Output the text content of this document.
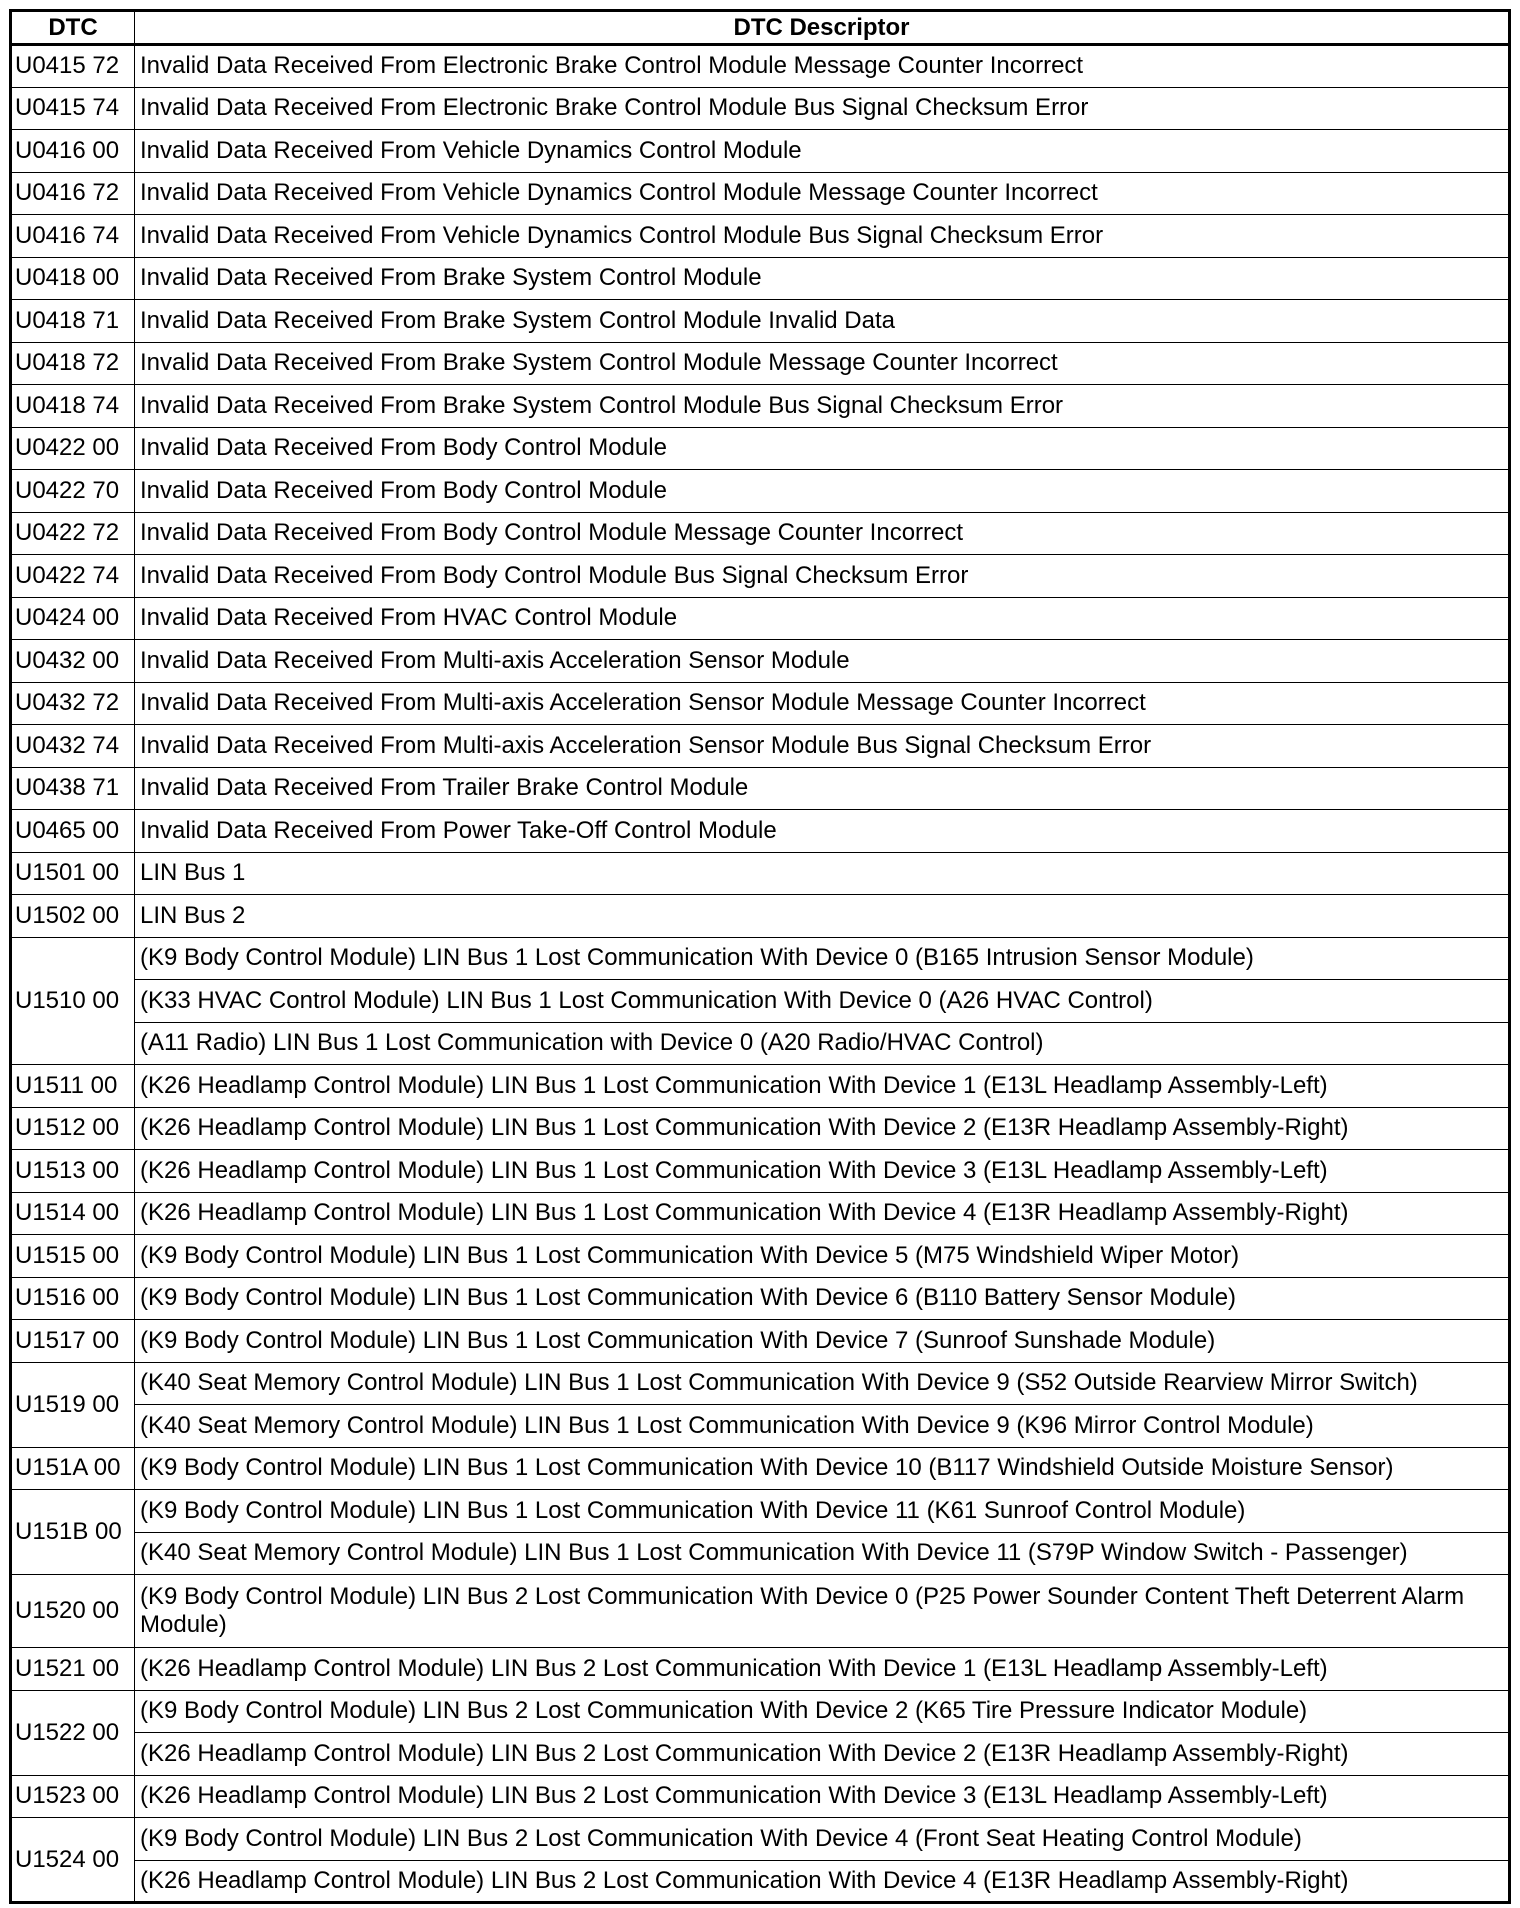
DTC	DTC Descriptor
U0415 72	Invalid Data Received From Electronic Brake Control Module Message Counter Incorrect
U0415 74	Invalid Data Received From Electronic Brake Control Module Bus Signal Checksum Error
U0416 00	Invalid Data Received From Vehicle Dynamics Control Module
U0416 72	Invalid Data Received From Vehicle Dynamics Control Module Message Counter Incorrect
U0416 74	Invalid Data Received From Vehicle Dynamics Control Module Bus Signal Checksum Error
U0418 00	Invalid Data Received From Brake System Control Module
U0418 71	Invalid Data Received From Brake System Control Module Invalid Data
U0418 72	Invalid Data Received From Brake System Control Module Message Counter Incorrect
U0418 74	Invalid Data Received From Brake System Control Module Bus Signal Checksum Error
U0422 00	Invalid Data Received From Body Control Module
U0422 70	Invalid Data Received From Body Control Module
U0422 72	Invalid Data Received From Body Control Module Message Counter Incorrect
U0422 74	Invalid Data Received From Body Control Module Bus Signal Checksum Error
U0424 00	Invalid Data Received From HVAC Control Module
U0432 00	Invalid Data Received From Multi-axis Acceleration Sensor Module
U0432 72	Invalid Data Received From Multi-axis Acceleration Sensor Module Message Counter Incorrect
U0432 74	Invalid Data Received From Multi-axis Acceleration Sensor Module Bus Signal Checksum Error
U0438 71	Invalid Data Received From Trailer Brake Control Module
U0465 00	Invalid Data Received From Power Take-Off Control Module
U1501 00	LIN Bus 1
U1502 00	LIN Bus 2
U1510 00	(K9 Body Control Module) LIN Bus 1 Lost Communication With Device 0 (B165 Intrusion Sensor Module)
	(K33 HVAC Control Module) LIN Bus 1 Lost Communication With Device 0 (A26 HVAC Control)
	(A11 Radio) LIN Bus 1 Lost Communication with Device 0 (A20 Radio/HVAC Control)
U1511 00	(K26 Headlamp Control Module) LIN Bus 1 Lost Communication With Device 1 (E13L Headlamp Assembly-Left)
U1512 00	(K26 Headlamp Control Module) LIN Bus 1 Lost Communication With Device 2 (E13R Headlamp Assembly-Right)
U1513 00	(K26 Headlamp Control Module) LIN Bus 1 Lost Communication With Device 3 (E13L Headlamp Assembly-Left)
U1514 00	(K26 Headlamp Control Module) LIN Bus 1 Lost Communication With Device 4 (E13R Headlamp Assembly-Right)
U1515 00	(K9 Body Control Module) LIN Bus 1 Lost Communication With Device 5 (M75 Windshield Wiper Motor)
U1516 00	(K9 Body Control Module) LIN Bus 1 Lost Communication With Device 6 (B110 Battery Sensor Module)
U1517 00	(K9 Body Control Module) LIN Bus 1 Lost Communication With Device 7 (Sunroof Sunshade Module)
U1519 00	(K40 Seat Memory Control Module) LIN Bus 1 Lost Communication With Device 9 (S52 Outside Rearview Mirror Switch)
	(K40 Seat Memory Control Module) LIN Bus 1 Lost Communication With Device 9 (K96 Mirror Control Module)
U151A 00	(K9 Body Control Module) LIN Bus 1 Lost Communication With Device 10 (B117 Windshield Outside Moisture Sensor)
U151B 00	(K9 Body Control Module) LIN Bus 1 Lost Communication With Device 11 (K61 Sunroof Control Module)
	(K40 Seat Memory Control Module) LIN Bus 1 Lost Communication With Device 11 (S79P Window Switch - Passenger)
U1520 00	(K9 Body Control Module) LIN Bus 2 Lost Communication With Device 0 (P25 Power Sounder Content Theft Deterrent Alarm Module)
U1521 00	(K26 Headlamp Control Module) LIN Bus 2 Lost Communication With Device 1 (E13L Headlamp Assembly-Left)
U1522 00	(K9 Body Control Module) LIN Bus 2 Lost Communication With Device 2 (K65 Tire Pressure Indicator Module)
	(K26 Headlamp Control Module) LIN Bus 2 Lost Communication With Device 2 (E13R Headlamp Assembly-Right)
U1523 00	(K26 Headlamp Control Module) LIN Bus 2 Lost Communication With Device 3 (E13L Headlamp Assembly-Left)
U1524 00	(K9 Body Control Module) LIN Bus 2 Lost Communication With Device 4 (Front Seat Heating Control Module)
	(K26 Headlamp Control Module) LIN Bus 2 Lost Communication With Device 4 (E13R Headlamp Assembly-Right)
